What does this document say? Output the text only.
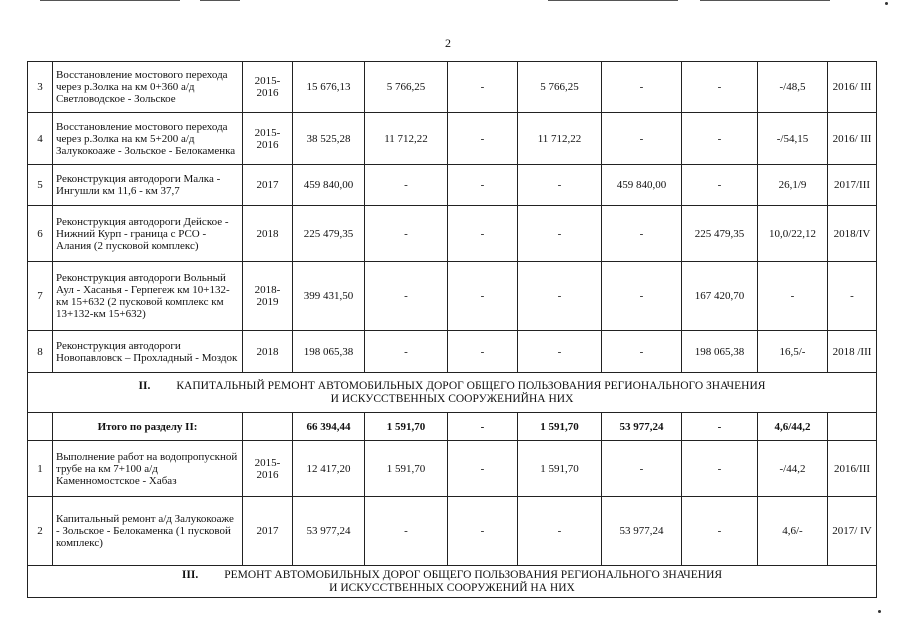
2
3	Восстановление мостового перехода через р.Золка на км 0+360 а/д Светловодское - Зольское	2015-2016	15 676,13	5 766,25	-	5 766,25	-	-	-/48,5	2016/ III
4	Восстановление мостового перехода через р.Золка на км 5+200 а/д Залукокоаже - Зольское - Белокаменка	2015-2016	38 525,28	11 712,22	-	11 712,22	-	-	-/54,15	2016/ III
5	Реконструкция автодороги Малка - Ингушли км 11,6 - км 37,7	2017	459 840,00	-	-	-	459 840,00	-	26,1/9	2017/III
6	Реконструкция автодороги Дейское - Нижний Курп - граница с РСО - Алания (2 пусковой комплекс)	2018	225 479,35	-	-	-	-	225 479,35	10,0/22,12	2018/IV
7	Реконструкция автодороги Вольный Аул - Хасанья - Герпегеж км 10+132- км 15+632 (2 пусковой комплекс км 13+132-км 15+632)	2018-2019	399 431,50	-	-	-	-	167 420,70	-	-
8	Реконструкция автодороги Новопавловск – Прохладный - Моздок	2018	198 065,38	-	-	-	-	198 065,38	16,5/-	2018 /III
II. КАПИТАЛЬНЫЙ РЕМОНТ АВТОМОБИЛЬНЫХ ДОРОГ ОБЩЕГО ПОЛЬЗОВАНИЯ РЕГИОНАЛЬНОГО ЗНАЧЕНИЯ
И ИСКУССТВЕННЫХ СООРУЖЕНИЙНА НИХ										
	Итого по разделу II:		66 394,44	1 591,70	-	1 591,70	53 977,24	-	4,6/44,2	
1	Выполнение работ на водопропускной трубе на км 7+100 а/д Каменномостское - Хабаз	2015-2016	12 417,20	1 591,70	-	1 591,70	-	-	-/44,2	2016/III
2	Капитальный ремонт а/д Залукокоаже - Зольское - Белокаменка (1 пусковой комплекс)	2017	53 977,24	-	-	-	53 977,24	-	4,6/-	2017/ IV
III. РЕМОНТ АВТОМОБИЛЬНЫХ ДОРОГ ОБЩЕГО ПОЛЬЗОВАНИЯ РЕГИОНАЛЬНОГО ЗНАЧЕНИЯ
И ИСКУССТВЕННЫХ СООРУЖЕНИЙ НА НИХ										
